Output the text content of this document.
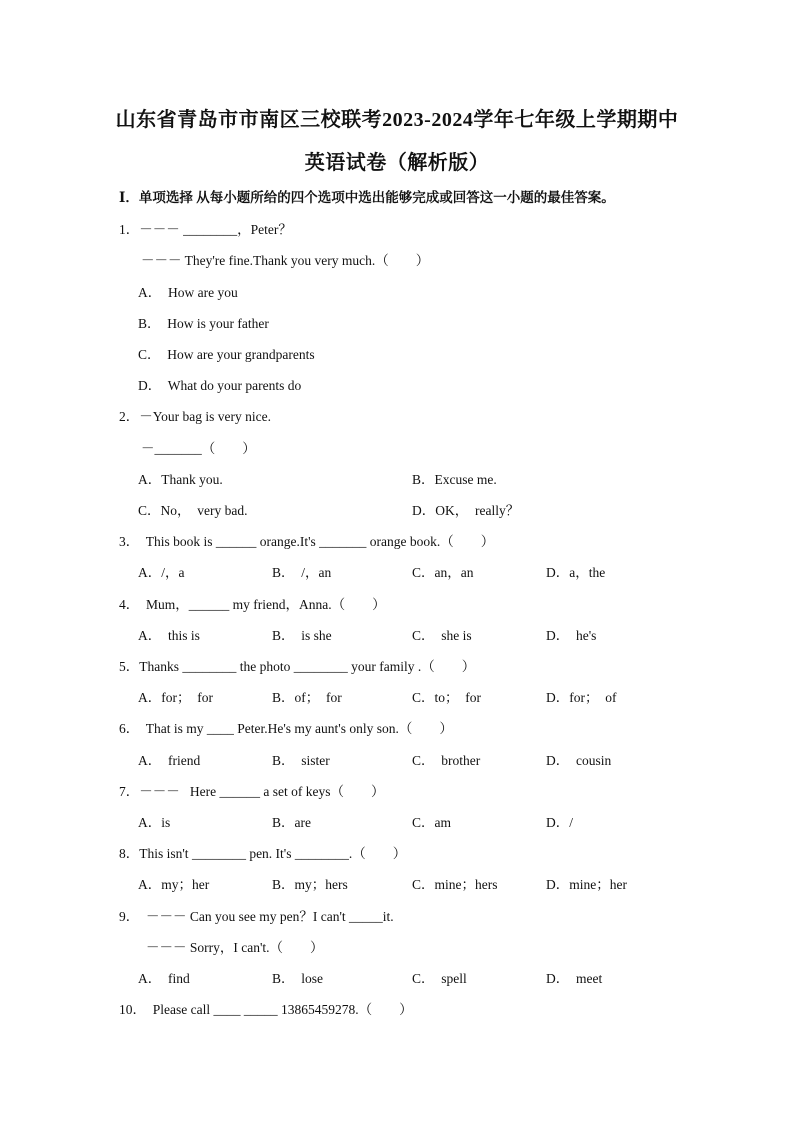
山东省青岛市市南区三校联考2023-2024学年七年级上学期期中
英语试卷（解析版）
Ⅰ．单项选择 从每小题所给的四个选项中选出能够完成或回答这一小题的最佳答案。
1．－－－ ________，Peter？
－－－ They're fine.Thank you very much.（　　）
A．  How are you
B．  How is your father
C．  How are your grandparents
D．  What do your parents do
2．－Your bag is very nice.
－_______（　　）
A．Thank you.	B．Excuse me.
C．No，  very bad.	D．OK，  really？
3．  This book is ______ orange.It's _______ orange book.（　　）
A．/，a	B．  /，an	C．an，an	D．a，the
4．  Mum，______ my friend，Anna.（　　）
A．  this is	B．  is she	C．  she is	D．  he's
5．Thanks ________ the photo ________ your family .（　　）
A．for；  for	B．of；  for	C．to；  for	D．for；  of
6．  That is my ____ Peter.He's my aunt's only son.（　　）
A．  friend	B．  sister	C．  brother	D．  cousin
7．－－－   Here ______ a set of keys（　　）
A．is	B．are	C．am	D．/
8．This isn't ________ pen. It's ________.（　　）
A．my；her	B．my；hers	C．mine；hers	D．mine；her
9．  －－－ Can you see my pen？I can't _____it.
－－－ Sorry，I can't.（　　）
A．  find	B．  lose	C．  spell	D．  meet
10．  Please call ____ _____ 13865459278.（　　）
